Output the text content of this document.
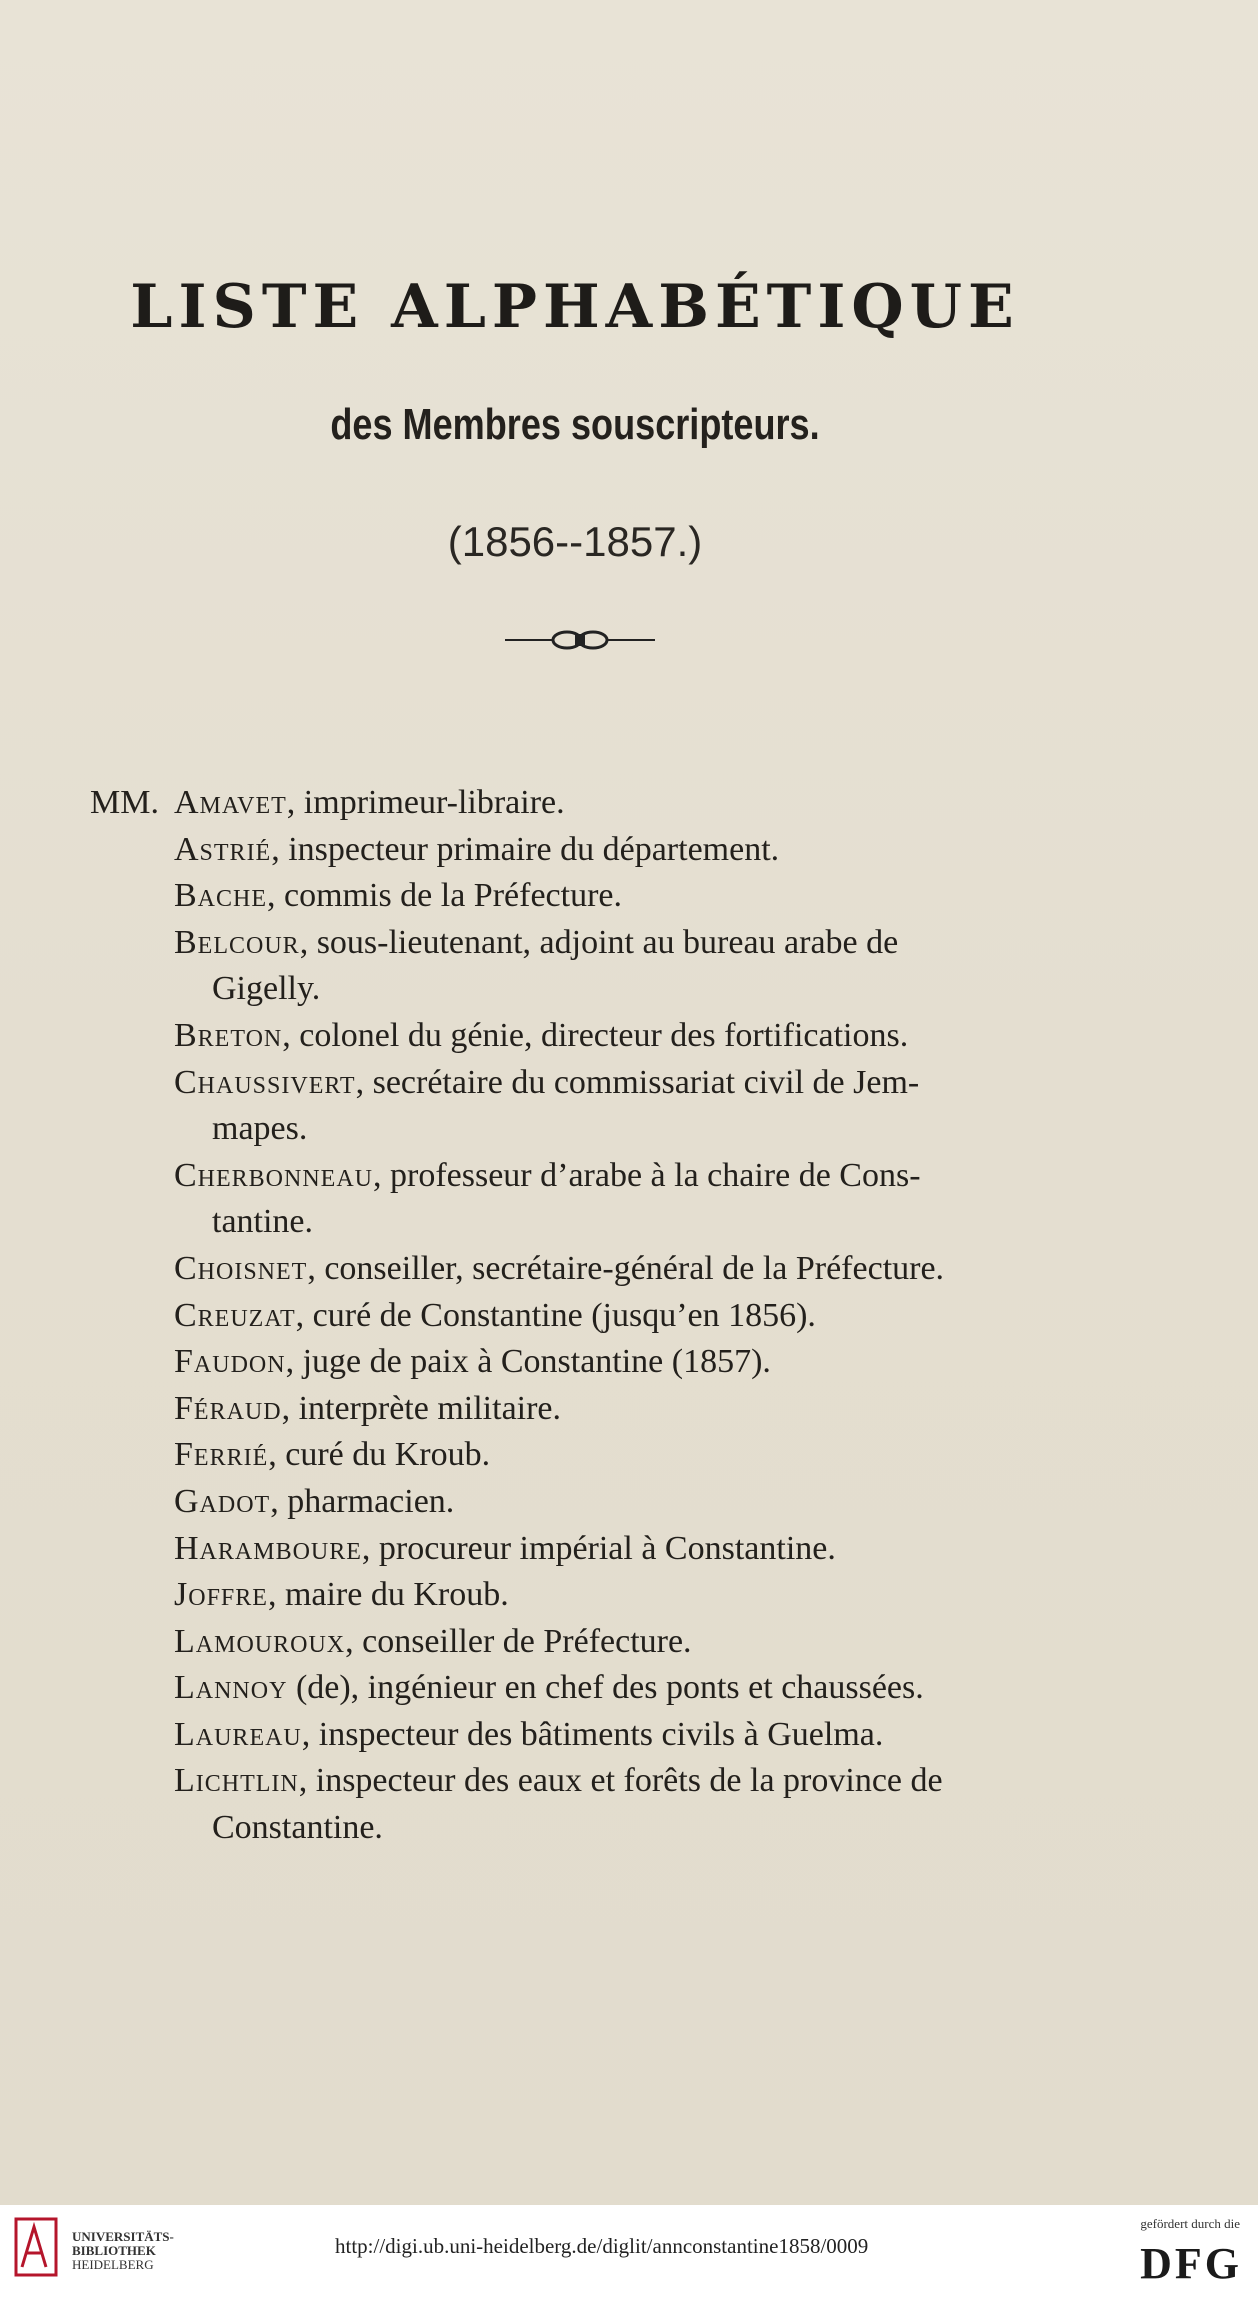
LISTE ALPHABÉTIQUE
des Membres souscripteurs.
(1856--1857.)
MM. Amavet, imprimeur-libraire.
Astrié, inspecteur primaire du département.
Bache, commis de la Préfecture.
Belcour, sous-lieutenant, adjoint au bureau arabe de
Gigelly.
Breton, colonel du génie, directeur des fortifications.
Chaussivert, secrétaire du commissariat civil de Jem-
mapes.
Cherbonneau, professeur d’arabe à la chaire de Cons-
tantine.
Choisnet, conseiller, secrétaire-général de la Préfecture.
Creuzat, curé de Constantine (jusqu’en 1856).
Faudon, juge de paix à Constantine (1857).
Féraud, interprète militaire.
Ferrié, curé du Kroub.
Gadot, pharmacien.
Haramboure, procureur impérial à Constantine.
Joffre, maire du Kroub.
Lamouroux, conseiller de Préfecture.
Lannoy (de), ingénieur en chef des ponts et chaussées.
Laureau, inspecteur des bâtiments civils à Guelma.
Lichtlin, inspecteur des eaux et forêts de la province de
Constantine.
UNIVERSITÄTS-
BIBLIOTHEK
HEIDELBERG
http://digi.ub.uni-heidelberg.de/diglit/annconstantine1858/0009
gefördert durch die
DFG
